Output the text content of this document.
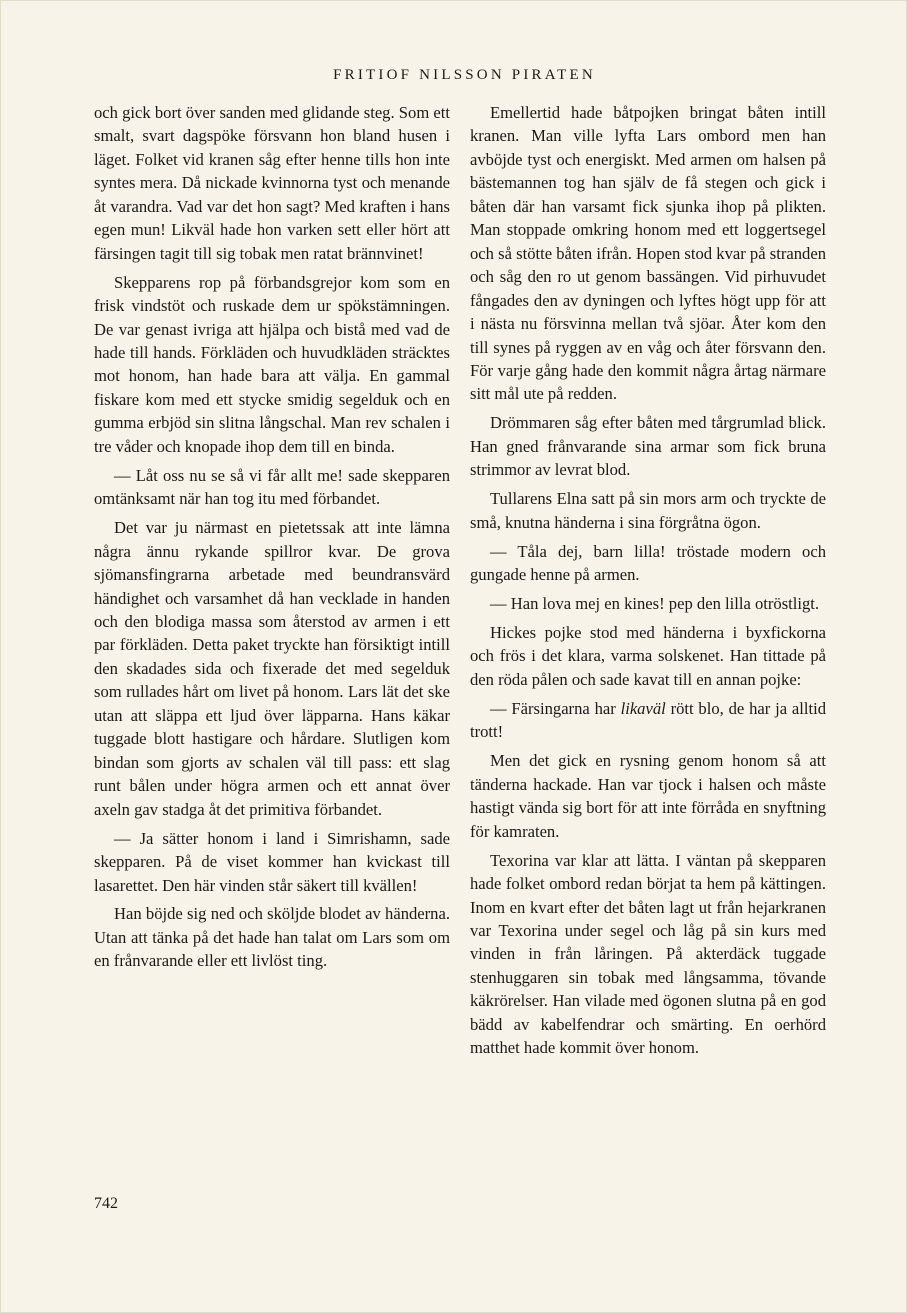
FRITIOF NILSSON PIRATEN

och gick bort över sanden med glidande steg. Som ett smalt, svart dagspöke försvann hon bland husen i läget. Folket vid kranen såg efter henne tills hon inte syntes mera. Då nickade kvinnorna tyst och menande åt varandra. Vad var det hon sagt? Med kraften i hans egen mun! Likväl hade hon varken sett eller hört att färsingen tagit till sig tobak men ratat brännvinet!

Skepparens rop på förbandsgrejor kom som en frisk vindstöt och ruskade dem ur spökstämningen. De var genast ivriga att hjälpa och bistå med vad de hade till hands. Förkläden och huvudkläden sträcktes mot honom, han hade bara att välja. En gammal fiskare kom med ett stycke smidig segelduk och en gumma erbjöd sin slitna långschal. Man rev schalen i tre våder och knopade ihop dem till en binda.

— Låt oss nu se så vi får allt me! sade skepparen omtänksamt när han tog itu med förbandet.

Det var ju närmast en pietetssak att inte lämna några ännu rykande spillror kvar. De grova sjömansfingrarna arbetade med beundransvärd händighet och varsamhet då han vecklade in handen och den blodiga massa som återstod av armen i ett par förkläden. Detta paket tryckte han försiktigt intill den skadades sida och fixerade det med segelduk som rullades hårt om livet på honom. Lars lät det ske utan att släppa ett ljud över läpparna. Hans käkar tuggade blott hastigare och hårdare. Slutligen kom bindan som gjorts av schalen väl till pass: ett slag runt bålen under högra armen och ett annat över axeln gav stadga åt det primitiva förbandet.

— Ja sätter honom i land i Simrishamn, sade skepparen. På de viset kommer han kvickast till lasarettet. Den här vinden står säkert till kvällen!

Han böjde sig ned och sköljde blodet av händerna. Utan att tänka på det hade han talat om Lars som om en frånvarande eller ett livlöst ting.

Emellertid hade båtpojken bringat båten intill kranen. Man ville lyfta Lars ombord men han avböjde tyst och energiskt. Med armen om halsen på bästemannen tog han själv de få stegen och gick i båten där han varsamt fick sjunka ihop på plikten. Man stoppade omkring honom med ett loggertsegel och så stötte båten ifrån. Hopen stod kvar på stranden och såg den ro ut genom bassängen. Vid pirhuvudet fångades den av dyningen och lyftes högt upp för att i nästa nu försvinna mellan två sjöar. Åter kom den till synes på ryggen av en våg och åter försvann den. För varje gång hade den kommit några årtag närmare sitt mål ute på redden.

Drömmaren såg efter båten med tårgrumlad blick. Han gned frånvarande sina armar som fick bruna strimmor av levrat blod.

Tullarens Elna satt på sin mors arm och tryckte de små, knutna händerna i sina förgråtna ögon.

— Tåla dej, barn lilla! tröstade modern och gungade henne på armen.

— Han lova mej en kines! pep den lilla otröstligt.

Hickes pojke stod med händerna i byxfickorna och frös i det klara, varma solskenet. Han tittade på den röda pålen och sade kavat till en annan pojke:

— Färsingarna har likaväl rött blo, de har ja alltid trott!

Men det gick en rysning genom honom så att tänderna hackade. Han var tjock i halsen och måste hastigt vända sig bort för att inte förråda en snyftning för kamraten.

Texorina var klar att lätta. I väntan på skepparen hade folket ombord redan börjat ta hem på kättingen. Inom en kvart efter det båten lagt ut från hejarkranen var Texorina under segel och låg på sin kurs med vinden in från låringen. På akterdäck tuggade stenhuggaren sin tobak med långsamma, tövande käkrörelser. Han vilade med ögonen slutna på en god bädd av kabelfendrar och smärting. En oerhörd matthet hade kommit över honom.

742
